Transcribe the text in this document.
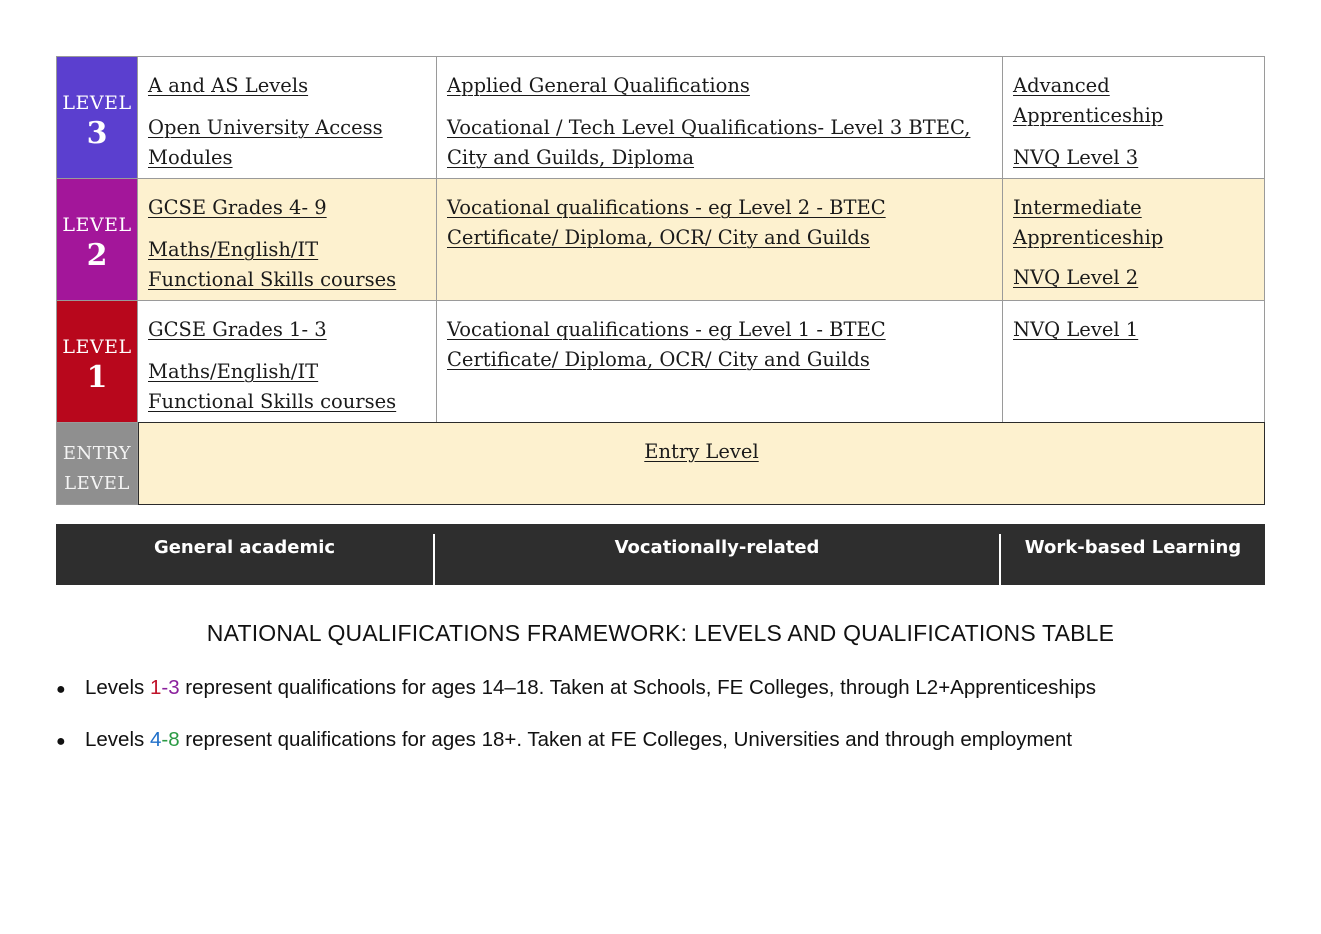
LEVEL
3
A and AS Levels
Open University Access Modules
Applied General Qualifications
Vocational / Tech Level Qualifications- Level 3 BTEC, City and Guilds, Diploma
Advanced Apprenticeship
NVQ Level 3
LEVEL
2
GCSE Grades 4- 9
Maths/English/IT Functional Skills courses
Vocational qualifications - eg Level 2 - BTEC Certificate/ Diploma, OCR/ City and Guilds
Intermediate Apprenticeship
NVQ Level 2
LEVEL
1
GCSE Grades 1- 3
Maths/English/IT Functional Skills courses
Vocational qualifications - eg Level 1 - BTEC Certificate/ Diploma, OCR/ City and Guilds
NVQ Level 1
ENTRY
LEVEL
Entry Level
General academic	Vocationally-related	Work-based Learning
NATIONAL QUALIFICATIONS FRAMEWORK: LEVELS AND QUALIFICATIONS TABLE
● Levels 1-3 represent qualifications for ages 14–18. Taken at Schools, FE Colleges, through L2+Apprenticeships
● Levels 4-8 represent qualifications for ages 18+. Taken at FE Colleges, Universities and through employment
